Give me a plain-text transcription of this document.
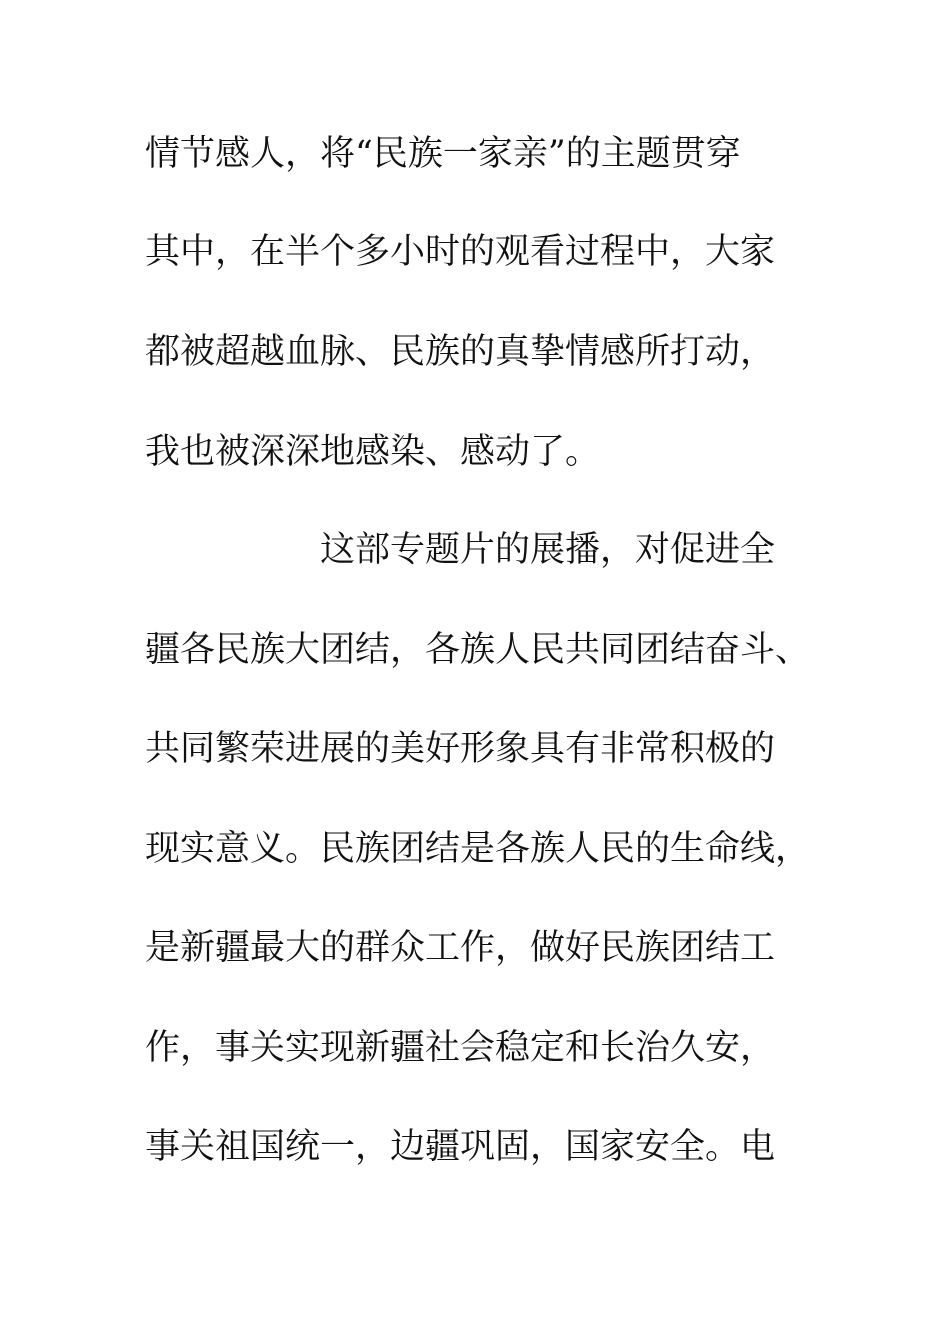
情节感人，将“民族一家亲”的主题贯穿
其中，在半个多小时的观看过程中，大家
都被超越血脉、民族的真挚情感所打动，
我也被深深地感染、感动了。
这部专题片的展播，对促进全
疆各民族大团结，各族人民共同团结奋斗、
共同繁荣进展的美好形象具有非常积极的
现实意义。民族团结是各族人民的生命线，
是新疆最大的群众工作，做好民族团结工
作，事关实现新疆社会稳定和长治久安，
事关祖国统一，边疆巩固，国家安全。电
